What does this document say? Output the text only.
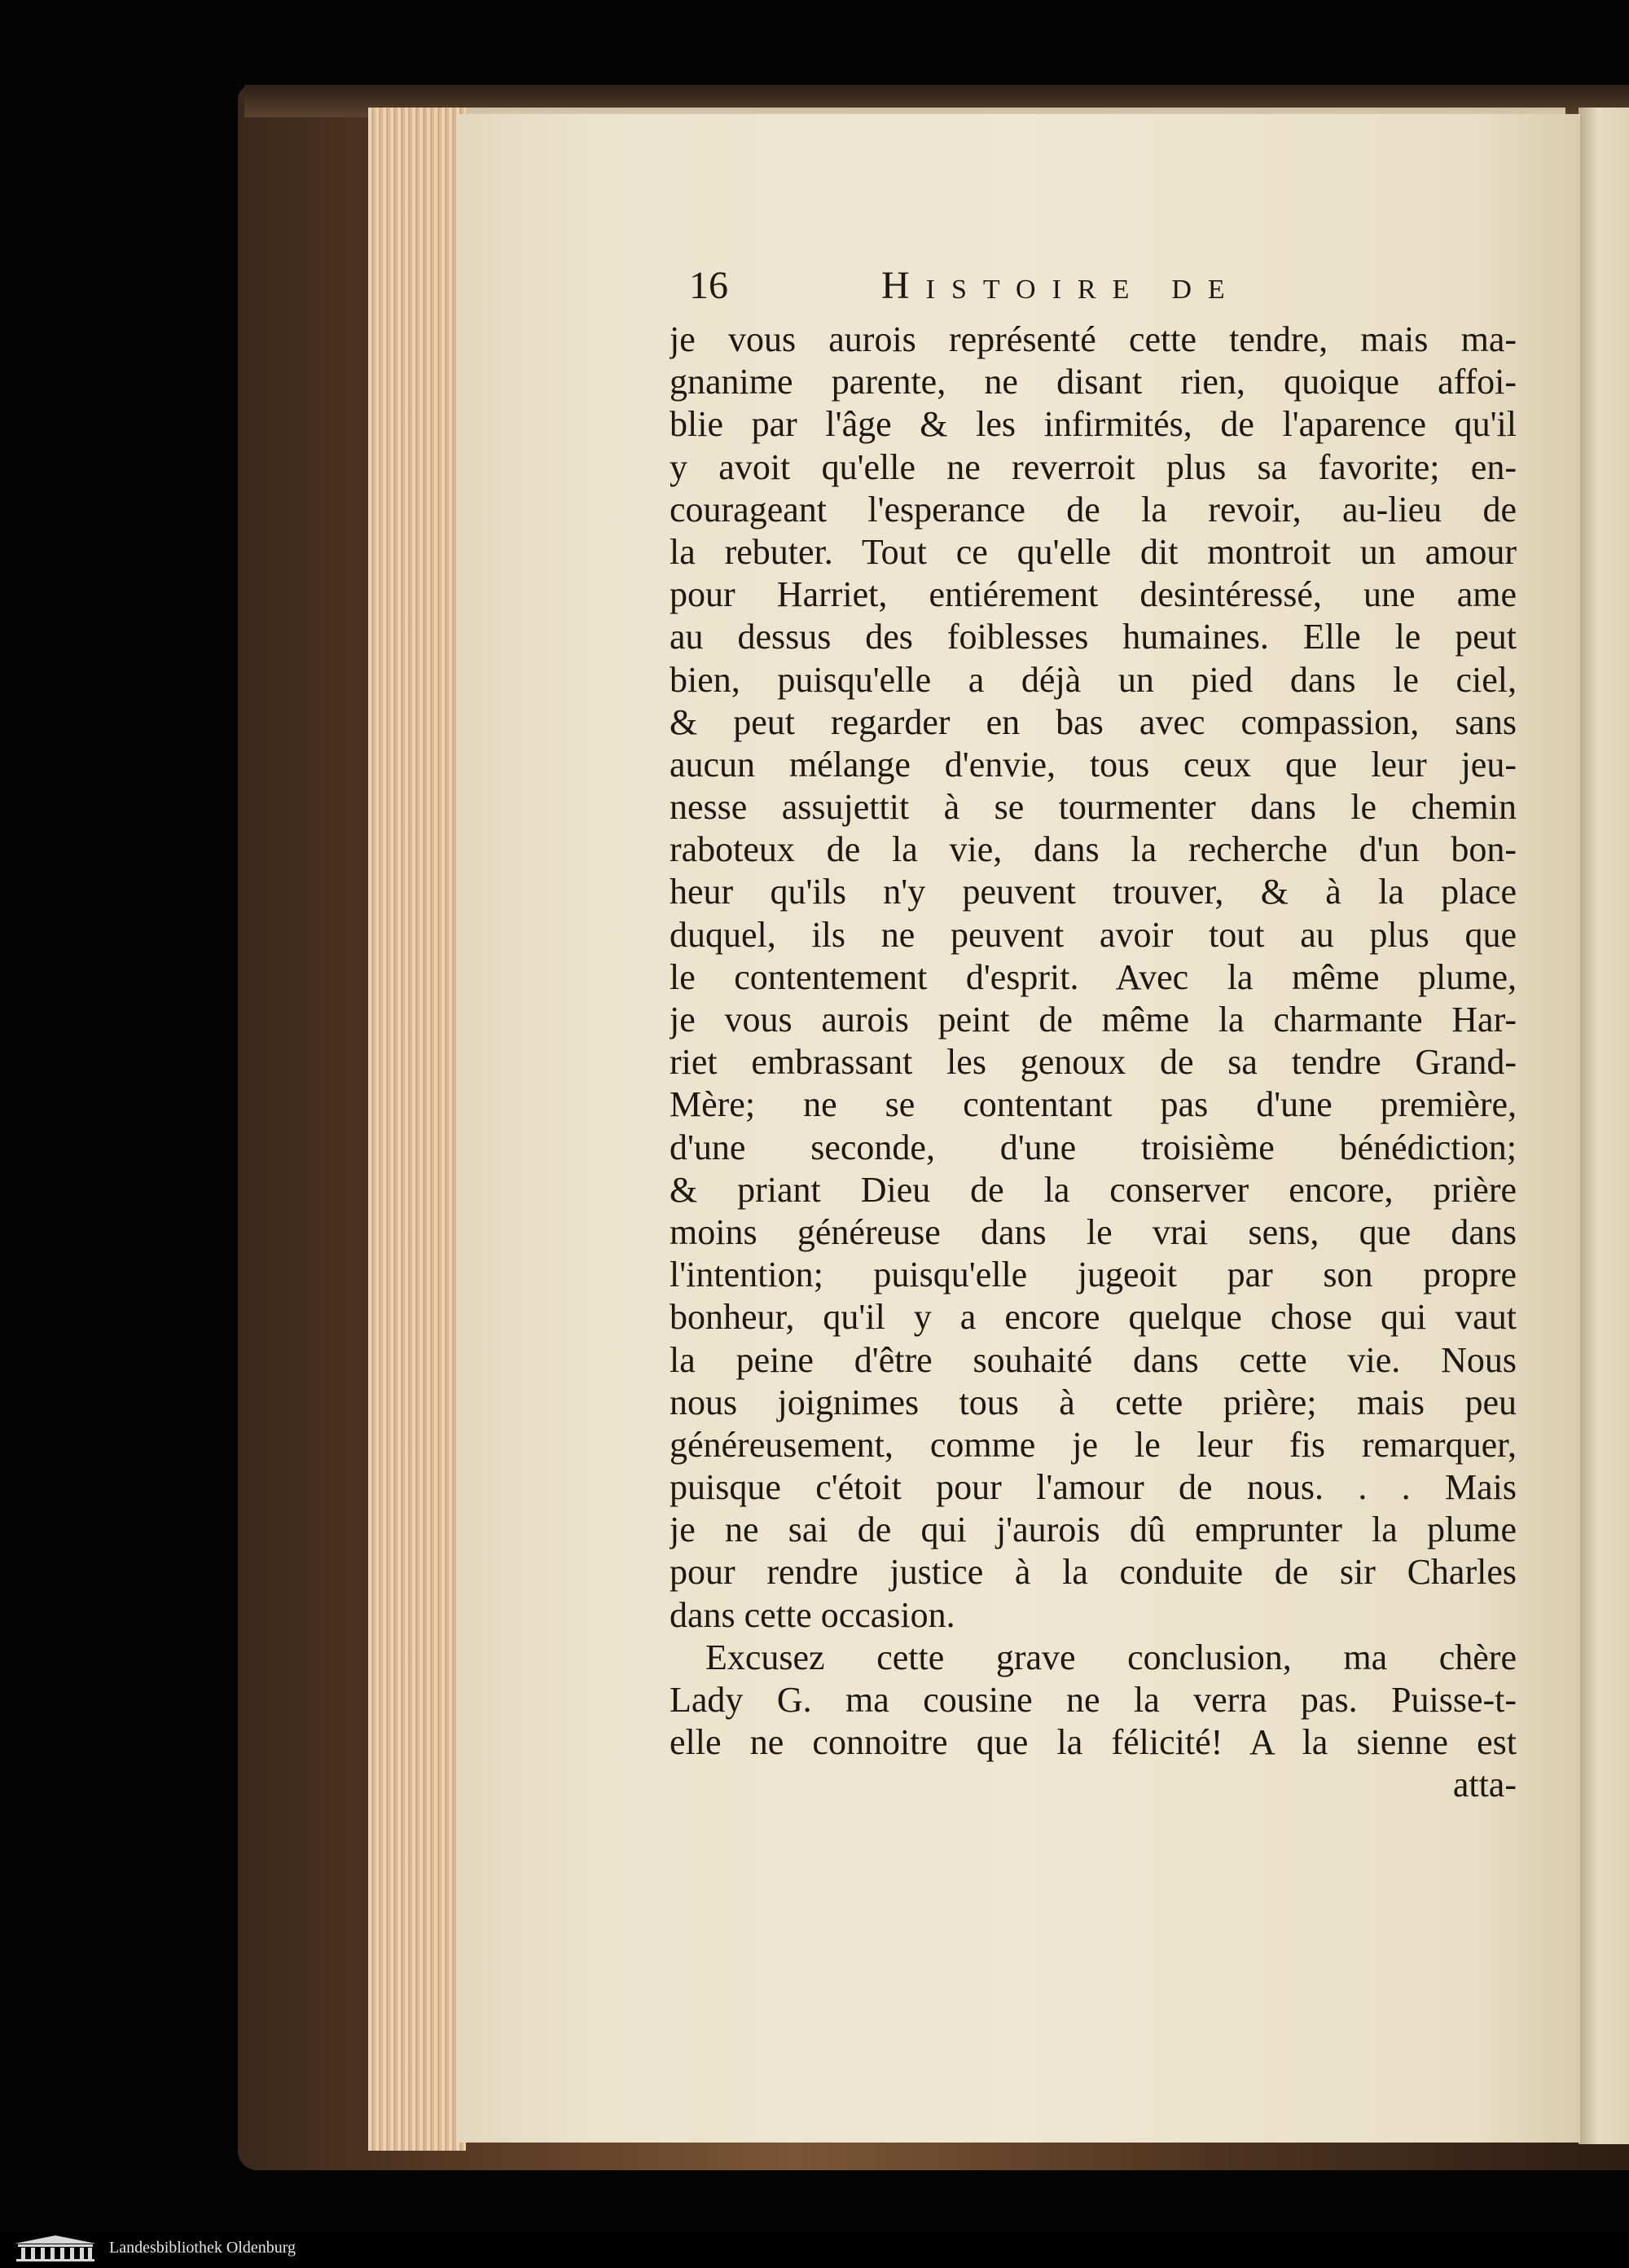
16	Histoire de
je vous aurois représenté cette tendre, mais ma-
gnanime parente, ne disant rien, quoique affoi-
blie par l'âge & les infirmités, de l'aparence qu'il
y avoit qu'elle ne reverroit plus sa favorite; en-
courageant l'esperance de la revoir, au-lieu de
la rebuter. Tout ce qu'elle dit montroit un amour
pour Harriet, entiérement desintéressé, une ame
au dessus des foiblesses humaines. Elle le peut
bien, puisqu'elle a déjà un pied dans le ciel,
& peut regarder en bas avec compassion, sans
aucun mélange d'envie, tous ceux que leur jeu-
nesse assujettit à se tourmenter dans le chemin
raboteux de la vie, dans la recherche d'un bon-
heur qu'ils n'y peuvent trouver, & à la place
duquel, ils ne peuvent avoir tout au plus que
le contentement d'esprit. Avec la même plume,
je vous aurois peint de même la charmante Har-
riet embrassant les genoux de sa tendre Grand-
Mère; ne se contentant pas d'une première,
d'une seconde, d'une troisième bénédiction;
& priant Dieu de la conserver encore, prière
moins généreuse dans le vrai sens, que dans
l'intention; puisqu'elle jugeoit par son propre
bonheur, qu'il y a encore quelque chose qui vaut
la peine d'être souhaité dans cette vie. Nous
nous joignimes tous à cette prière; mais peu
généreusement, comme je le leur fis remarquer,
puisque c'étoit pour l'amour de nous. . . Mais
je ne sai de qui j'aurois dû emprunter la plume
pour rendre justice à la conduite de sir Charles
dans cette occasion.
Excusez cette grave conclusion, ma chère
Lady G. ma cousine ne la verra pas. Puisse-t-
elle ne connoitre que la félicité! A la sienne est
atta-
Landesbibliothek Oldenburg
